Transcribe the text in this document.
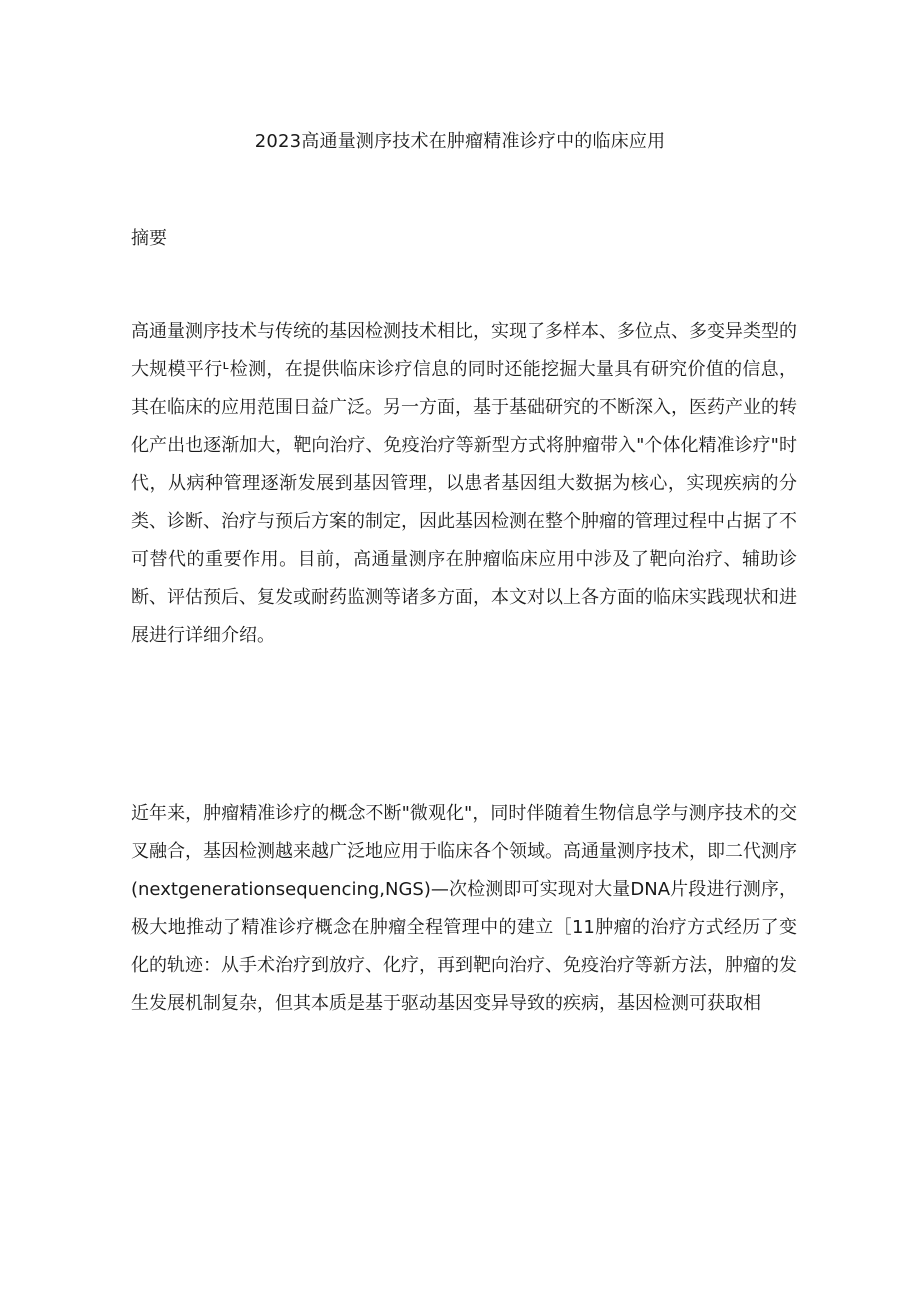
2023高通量测序技术在肿瘤精准诊疗中的临床应用
摘要

高通量测序技术与传统的基因检测技术相比，实现了多样本、多位点、多变异类型的大规模平行ᒻ检测，在提供临床诊疗信息的同时还能挖掘大量具有研究价值的信息，其在临床的应用范围日益广泛。另一方面，基于基础研究的不断深入，医药产业的转化产出也逐渐加大，靶向治疗、免疫治疗等新型方式将肿瘤带入"个体化精准诊疗"时代，从病种管理逐渐发展到基因管理，以患者基因组大数据为核心，实现疾病的分类、诊断、治疗与预后方案的制定，因此基因检测在整个肿瘤的管理过程中占据了不可替代的重要作用。目前，高通量测序在肿瘤临床应用中涉及了靶向治疗、辅助诊断、评估预后、复发或耐药监测等诸多方面，本文对以上各方面的临床实践现状和进展进行详细介绍。

近年来，肿瘤精准诊疗的概念不断"微观化"，同时伴随着生物信息学与测序技术的交叉融合，基因检测越来越广泛地应用于临床各个领域。高通量测序技术，即二代测序(nextgenerationsequencing,NGS)—次检测即可实现对大量DNA片段进行测序，极大地推动了精准诊疗概念在肿瘤全程管理中的建立［11肿瘤的治疗方式经历了变化的轨迹：从手术治疗到放疗、化疗，再到靶向治疗、免疫治疗等新方法，肿瘤的发生发展机制复杂，但其本质是基于驱动基因变异导致的疾病，基因检测可获取相
